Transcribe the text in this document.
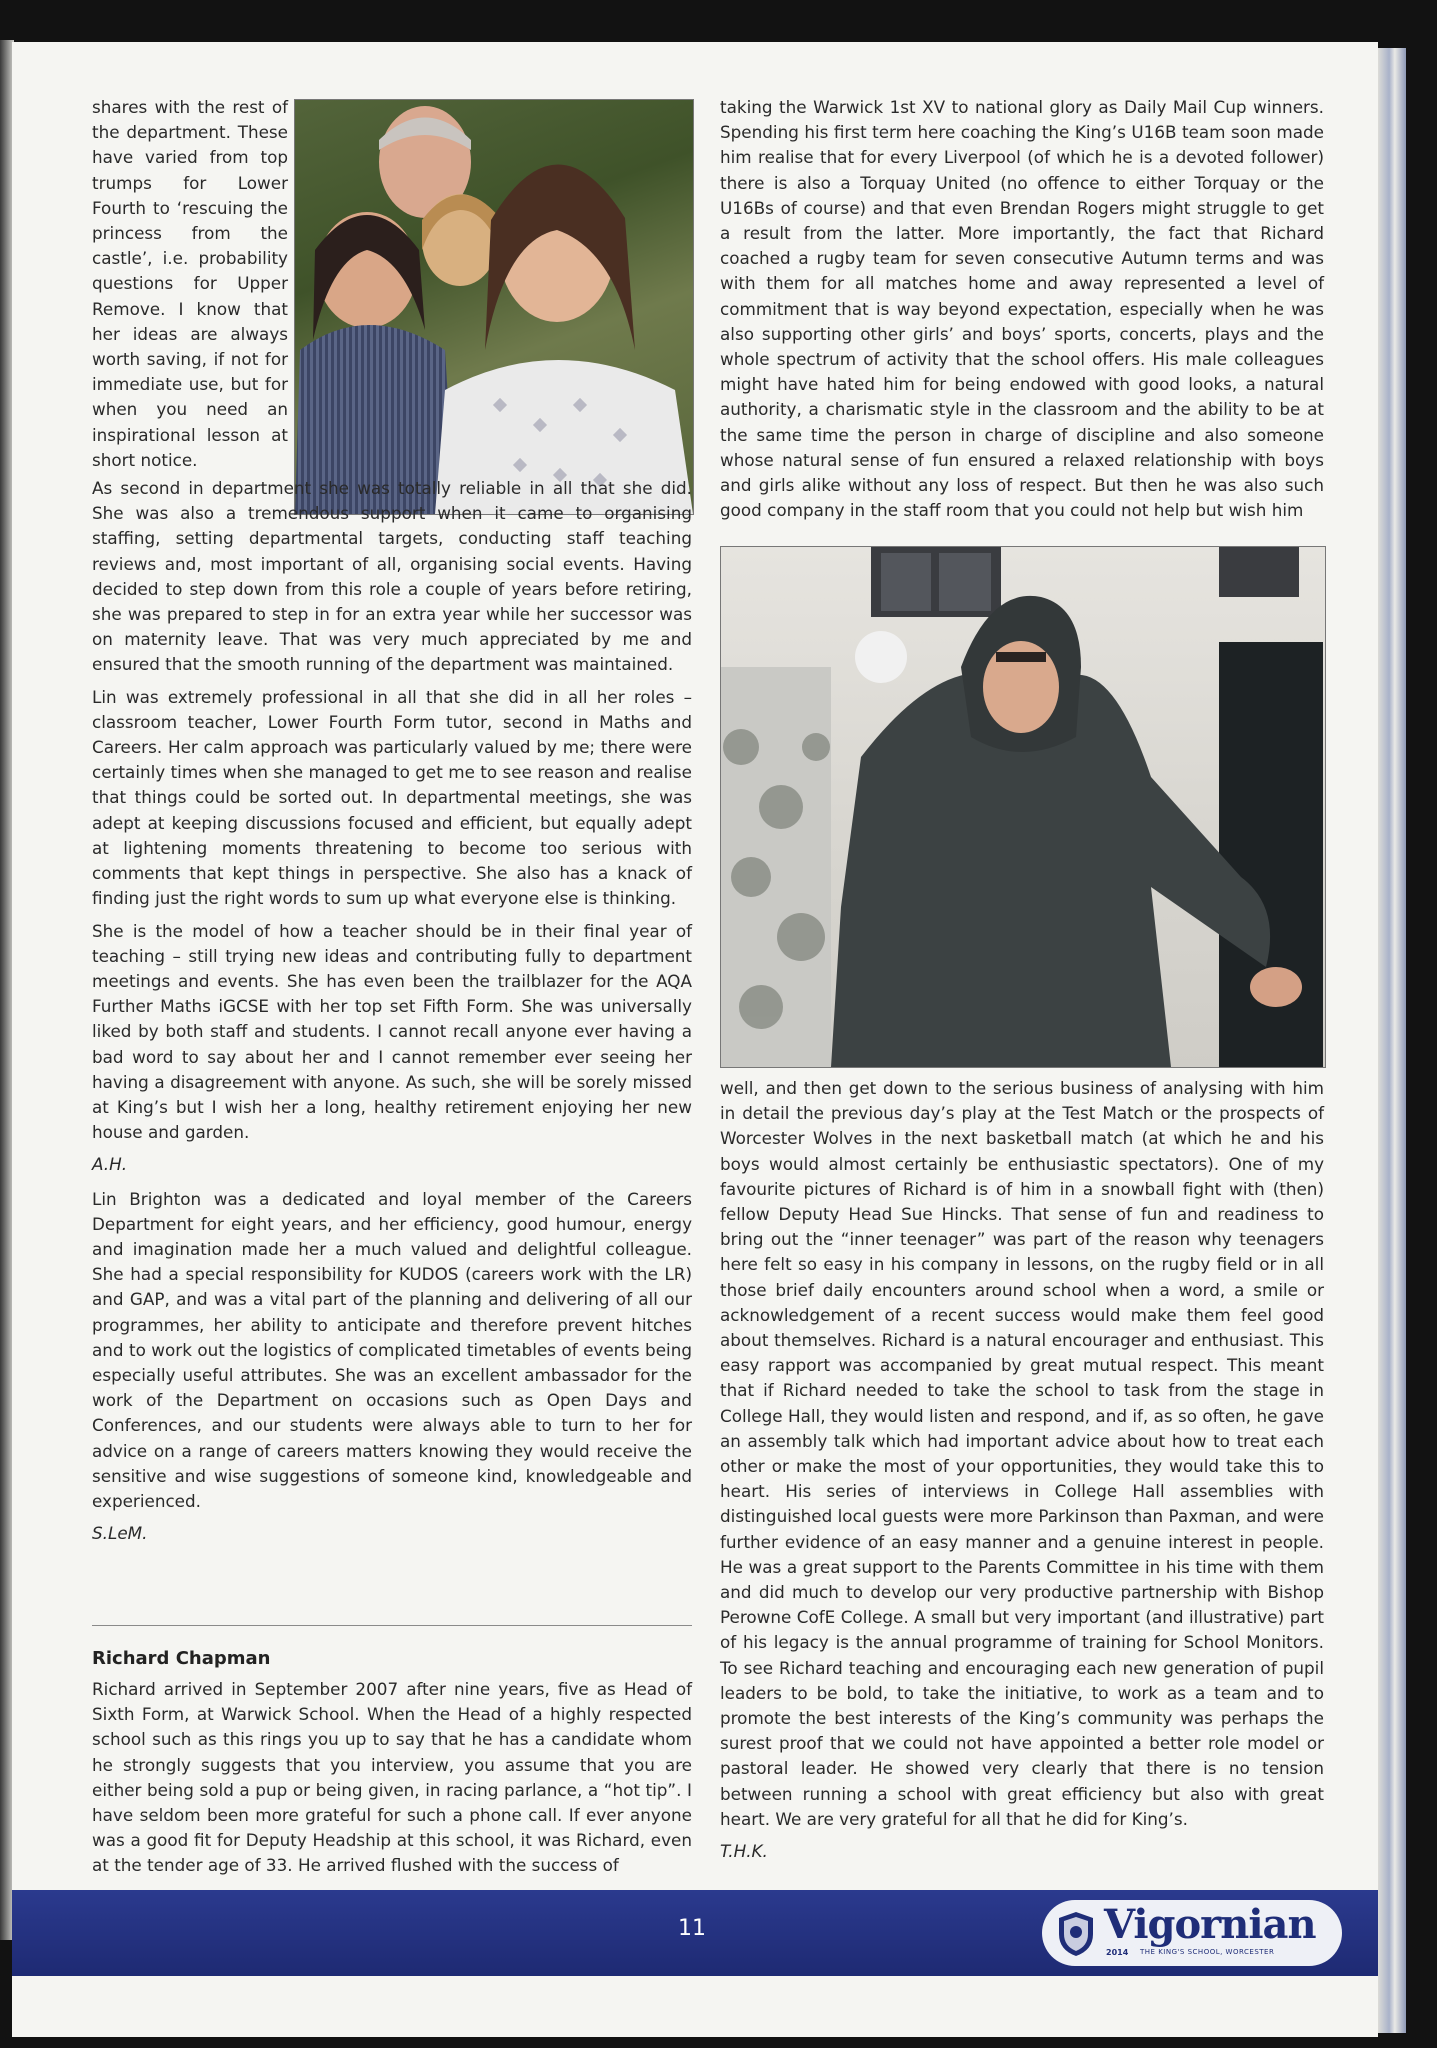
shares with the rest of the department. These have varied from top trumps for Lower Fourth to ‘rescuing the princess from the castle’, i.e. probability questions for Upper Remove. I know that her ideas are always worth saving, if not for immediate use, but for when you need an inspirational lesson at short notice.

As second in department she was totally reliable in all that she did. She was also a tremendous support when it came to organising staffing, setting departmental targets, conducting staff teaching reviews and, most important of all, organising social events. Having decided to step down from this role a couple of years before retiring, she was prepared to step in for an extra year while her successor was on maternity leave. That was very much appreciated by me and ensured that the smooth running of the department was maintained.

Lin was extremely professional in all that she did in all her roles – classroom teacher, Lower Fourth Form tutor, second in Maths and Careers. Her calm approach was particularly valued by me; there were certainly times when she managed to get me to see reason and realise that things could be sorted out. In departmental meetings, she was adept at keeping discussions focused and efficient, but equally adept at lightening moments threatening to become too serious with comments that kept things in perspective. She also has a knack of finding just the right words to sum up what everyone else is thinking.

She is the model of how a teacher should be in their final year of teaching – still trying new ideas and contributing fully to department meetings and events. She has even been the trailblazer for the AQA Further Maths iGCSE with her top set Fifth Form. She was universally liked by both staff and students. I cannot recall anyone ever having a bad word to say about her and I cannot remember ever seeing her having a disagreement with anyone. As such, she will be sorely missed at King’s but I wish her a long, healthy retirement enjoying her new house and garden.

A.H.

Lin Brighton was a dedicated and loyal member of the Careers Department for eight years, and her efficiency, good humour, energy and imagination made her a much valued and delightful colleague. She had a special responsibility for KUDOS (careers work with the LR) and GAP, and was a vital part of the planning and delivering of all our programmes, her ability to anticipate and therefore prevent hitches and to work out the logistics of complicated timetables of events being especially useful attributes. She was an excellent ambassador for the work of the Department on occasions such as Open Days and Conferences, and our students were always able to turn to her for advice on a range of careers matters knowing they would receive the sensitive and wise suggestions of someone kind, knowledgeable and experienced.

S.LeM.

Richard Chapman

Richard arrived in September 2007 after nine years, five as Head of Sixth Form, at Warwick School. When the Head of a highly respected school such as this rings you up to say that he has a candidate whom he strongly suggests that you interview, you assume that you are either being sold a pup or being given, in racing parlance, a “hot tip”. I have seldom been more grateful for such a phone call. If ever anyone was a good fit for Deputy Headship at this school, it was Richard, even at the tender age of 33. He arrived flushed with the success of

taking the Warwick 1st XV to national glory as Daily Mail Cup winners. Spending his first term here coaching the King’s U16B team soon made him realise that for every Liverpool (of which he is a devoted follower) there is also a Torquay United (no offence to either Torquay or the U16Bs of course) and that even Brendan Rogers might struggle to get a result from the latter. More importantly, the fact that Richard coached a rugby team for seven consecutive Autumn terms and was with them for all matches home and away represented a level of commitment that is way beyond expectation, especially when he was also supporting other girls’ and boys’ sports, concerts, plays and the whole spectrum of activity that the school offers. His male colleagues might have hated him for being endowed with good looks, a natural authority, a charismatic style in the classroom and the ability to be at the same time the person in charge of discipline and also someone whose natural sense of fun ensured a relaxed relationship with boys and girls alike without any loss of respect. But then he was also such good company in the staff room that you could not help but wish him

well, and then get down to the serious business of analysing with him in detail the previous day’s play at the Test Match or the prospects of Worcester Wolves in the next basketball match (at which he and his boys would almost certainly be enthusiastic spectators). One of my favourite pictures of Richard is of him in a snowball fight with (then) fellow Deputy Head Sue Hincks. That sense of fun and readiness to bring out the “inner teenager” was part of the reason why teenagers here felt so easy in his company in lessons, on the rugby field or in all those brief daily encounters around school when a word, a smile or acknowledgement of a recent success would make them feel good about themselves. Richard is a natural encourager and enthusiast. This easy rapport was accompanied by great mutual respect. This meant that if Richard needed to take the school to task from the stage in College Hall, they would listen and respond, and if, as so often, he gave an assembly talk which had important advice about how to treat each other or make the most of your opportunities, they would take this to heart. His series of interviews in College Hall assemblies with distinguished local guests were more Parkinson than Paxman, and were further evidence of an easy manner and a genuine interest in people. He was a great support to the Parents Committee in his time with them and did much to develop our very productive partnership with Bishop Perowne CofE College. A small but very important (and illustrative) part of his legacy is the annual programme of training for School Monitors. To see Richard teaching and encouraging each new generation of pupil leaders to be bold, to take the initiative, to work as a team and to promote the best interests of the King’s community was perhaps the surest proof that we could not have appointed a better role model or pastoral leader. He showed very clearly that there is no tension between running a school with great efficiency but also with great heart. We are very grateful for all that he did for King’s.

T.H.K.

11	Vigornian
2014 THE KING'S SCHOOL, WORCESTER
